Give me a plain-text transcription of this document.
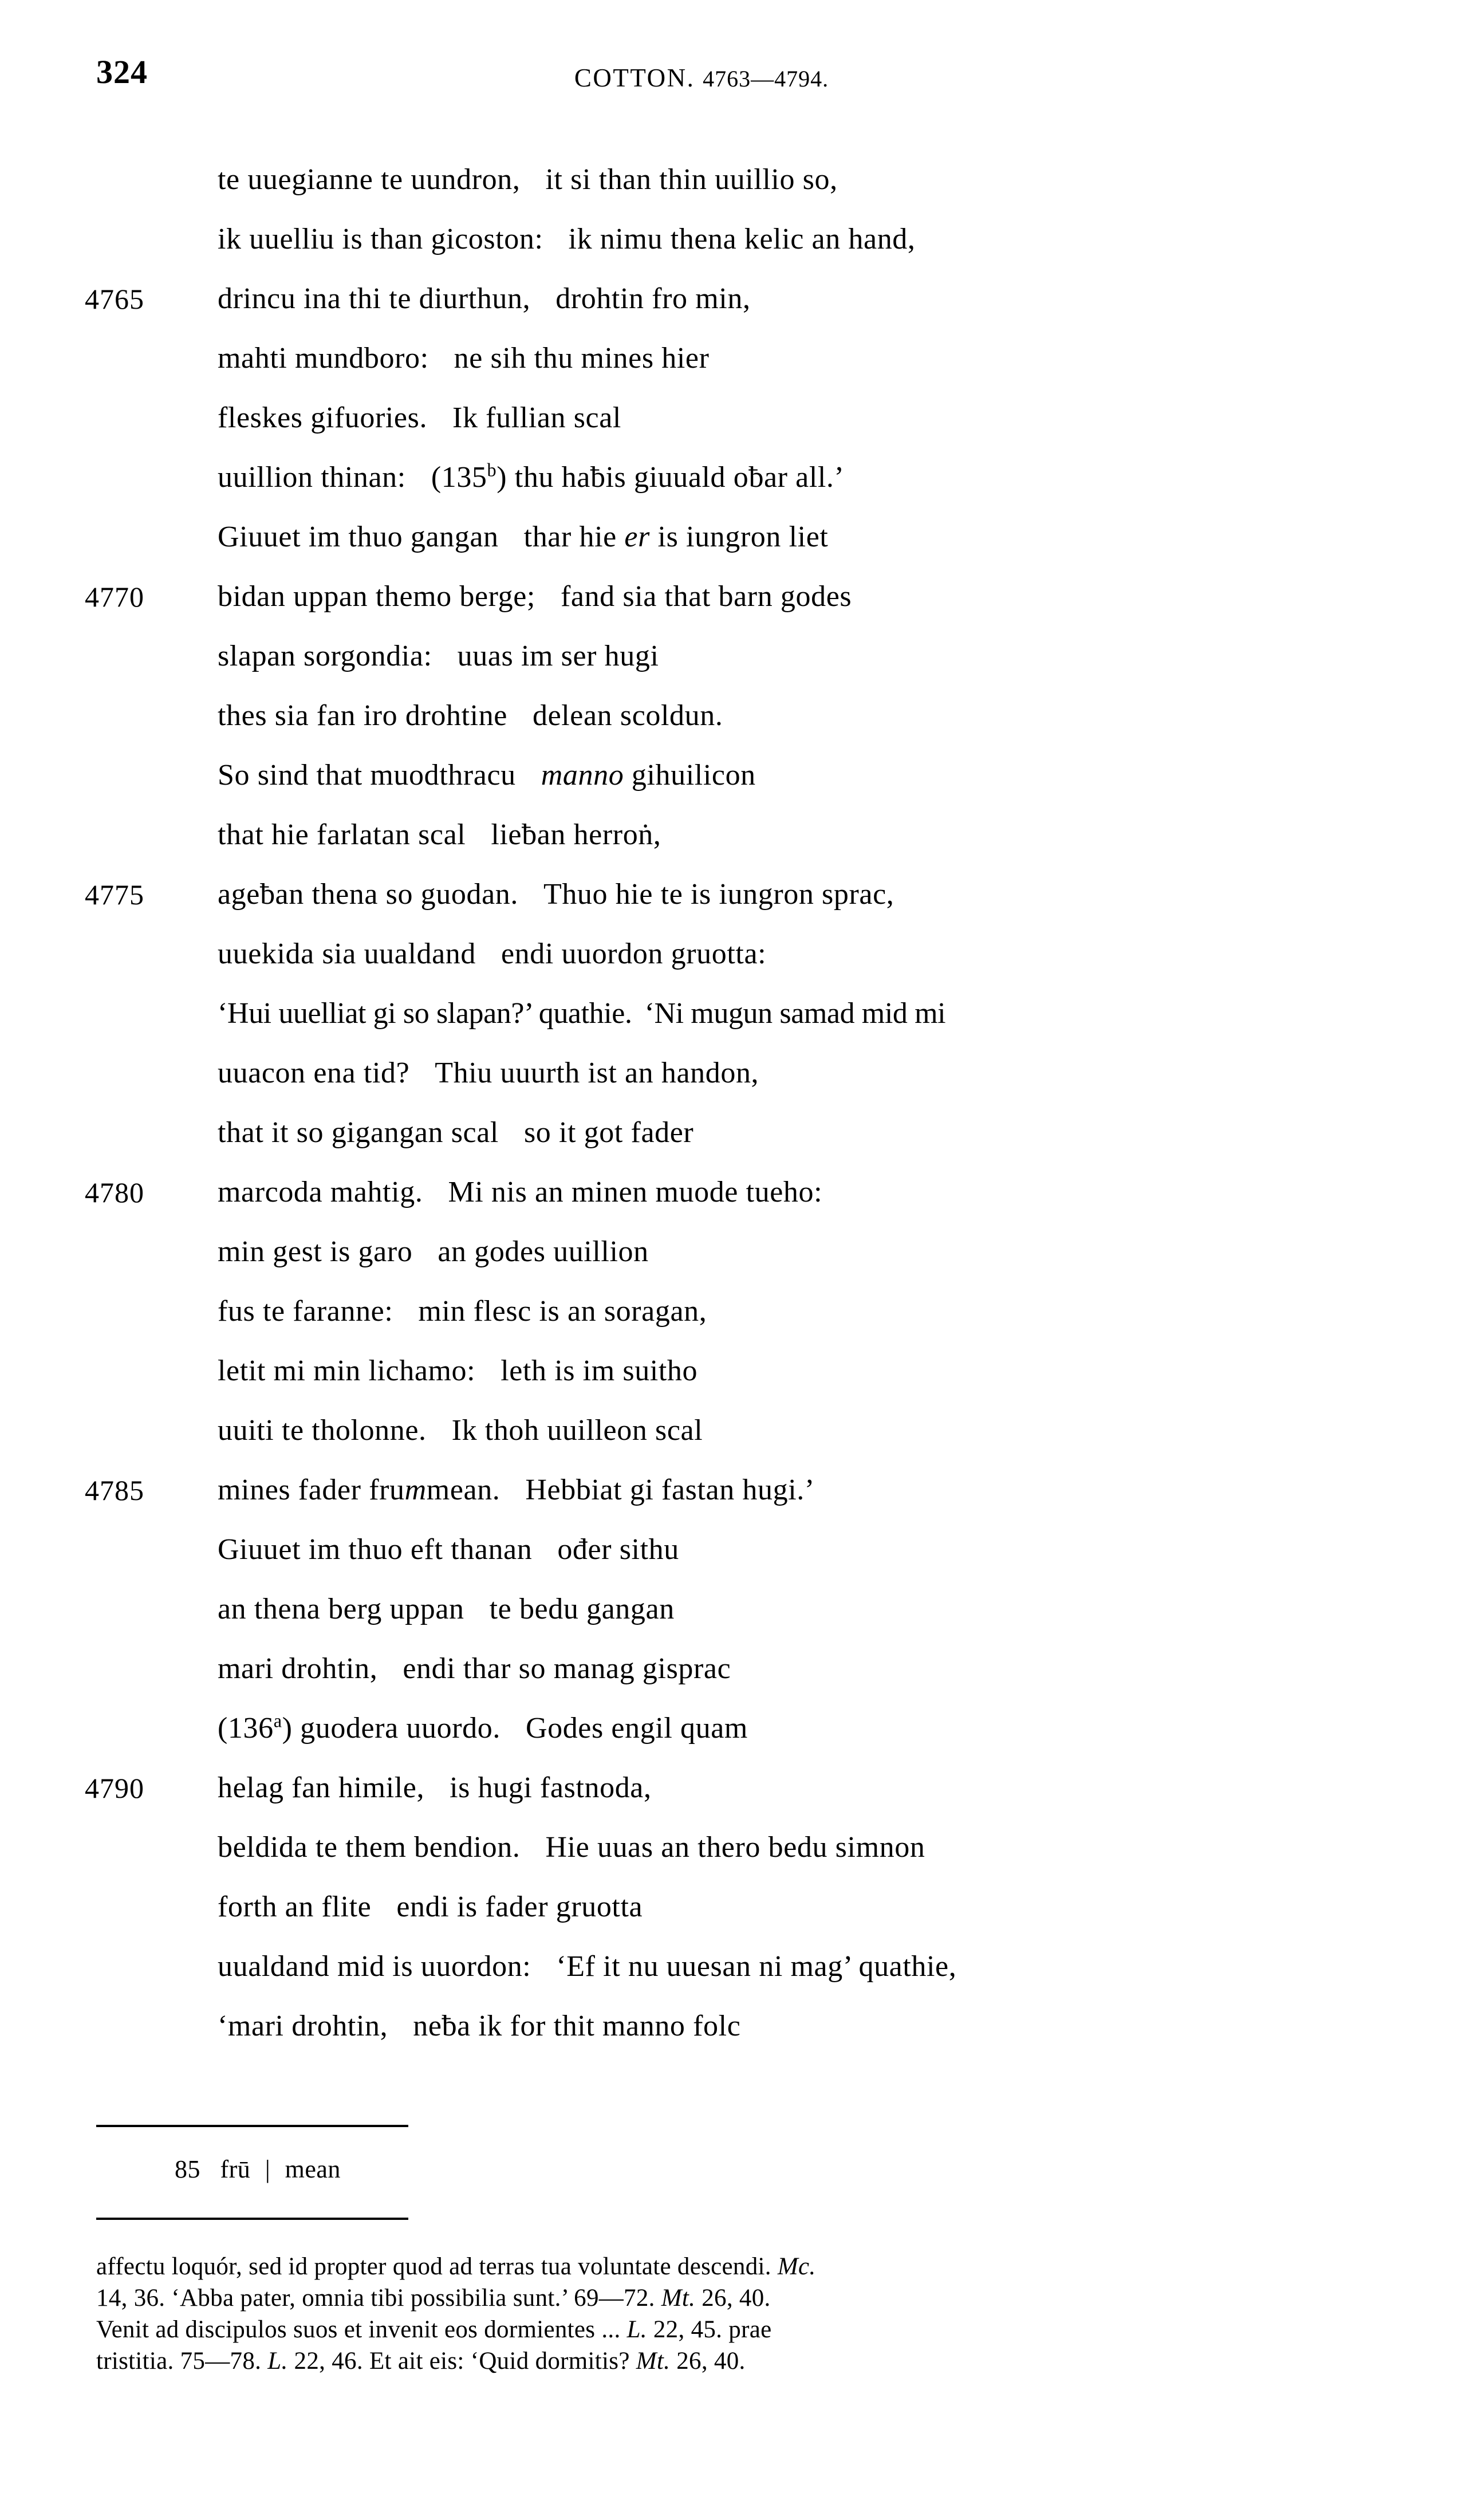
324	COTTON. 4763—4794.
te uuegianne te uundron, it si than thin uuillio so,
ik uuelliu is than gicoston: ik nimu thena kelic an hand,
4765	drincu ina thi te diurthun, drohtin fro min,
mahti mundboro: ne sih thu mines hier
fleskes gifuories. Ik fullian scal
uuillion thinan: (135$^b$) thu haƀis giuuald oƀar all.’
Giuuet im thuo gangan thar hie er is iungron liet
4770	bidan uppan themo berge; fand sia that barn godes
slapan sorgondia: uuas im ser hugi
thes sia fan iro drohtine delean scoldun.
So sind that muodthracu manno gihuilicon
that hie farlatan scal lieƀan herroṅ,
4775	ageƀan thena so guodan. Thuo hie te is iungron sprac,
uuekida sia uualdand endi uuordon gruotta:
‘Hui uuelliat gi so slapan?’ quathie. ‘Ni mugun samad mid mi
uuacon ena tid? Thiu uuurth ist an handon,
that it so gigangan scal so it got fader
4780	marcoda mahtig. Mi nis an minen muode tueho:
min gest is garo an godes uuillion
fus te faranne: min flesc is an soragan,
letit mi min lichamo: leth is im suitho
uuiti te tholonne. Ik thoh uuilleon scal
4785	mines fader frummean. Hebbiat gi fastan hugi.’
Giuuet im thuo eft thanan ođer sithu
an thena berg uppan te bedu gangan
mari drohtin, endi thar so manag gisprac
(136$^a$) guodera uuordo. Godes engil quam
4790	helag fan himile, is hugi fastnoda,
beldida te them bendion. Hie uuas an thero bedu simnon
forth an flite endi is fader gruotta
uualdand mid is uuordon: ‘Ef it nu uuesan ni mag’ quathie,
‘mari drohtin, neƀa ik for thit manno folc
85 frū | mean
affectu loquór, sed id propter quod ad terras tua voluntate descendi. Mc.
14, 36. ‘Abba pater, omnia tibi possibilia sunt.’ 69—72. Mt. 26, 40.
Venit ad discipulos suos et invenit eos dormientes ... L. 22, 45. prae
tristitia. 75—78. L. 22, 46. Et ait eis: ‘Quid dormitis? Mt. 26, 40.
